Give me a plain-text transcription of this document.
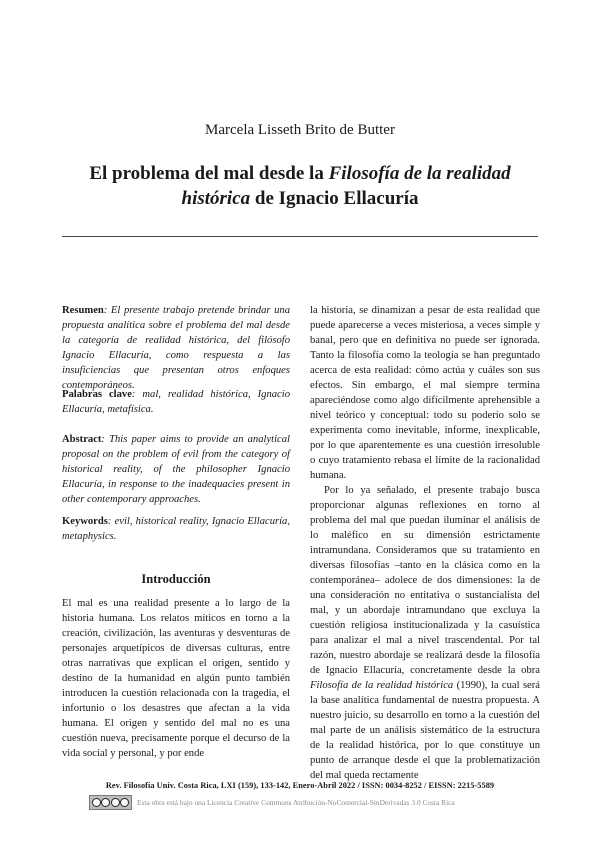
Marcela Lisseth Brito de Butter
El problema del mal desde la Filosofía de la realidad
histórica de Ignacio Ellacuría

Resumen: El presente trabajo pretende brindar una propuesta analítica sobre el problema del mal desde la categoría de realidad histórica, del filósofo Ignacio Ellacuría, como respuesta a las insuficiencias que presentan otros enfoques contemporáneos.

Palabras clave: mal, realidad histórica, Ignacio Ellacuría, metafísica.

Abstract: This paper aims to provide an analytical proposal on the problem of evil from the category of historical reality, of the philosopher Ignacio Ellacuría, in response to the inadequacies present in other contemporary approaches.

Keywords: evil, historical reality, Ignacio Ellacuría, metaphysics.

Introducción

El mal es una realidad presente a lo largo de la historia humana. Los relatos míticos en torno a la creación, civilización, las aventuras y desventuras de personajes arquetípicos de diversas culturas, entre otras narrativas que explican el origen, sentido y destino de la humanidad en algún punto también introducen la cuestión relacionada con la tragedia, el infortunio o los desastres que afectan a la vida humana. El origen y sentido del mal no es una cuestión nueva, precisamente porque el decurso de la vida social y personal, y por ende

la historia, se dinamizan a pesar de esta realidad que puede aparecerse a veces misteriosa, a veces simple y banal, pero que en definitiva no puede ser ignorada. Tanto la filosofía como la teología se han preguntado acerca de esta realidad: cómo actúa y cuáles son sus efectos. Sin embargo, el mal siempre termina apareciéndose como algo difícilmente aprehensible a nivel teórico y conceptual: todo su poderío solo se experimenta como inevitable, informe, inexplicable, por lo que aparentemente es una cuestión irresoluble o cuyo tratamiento rebasa el límite de la racionalidad humana.

Por lo ya señalado, el presente trabajo busca proporcionar algunas reflexiones en torno al problema del mal que puedan iluminar el análisis de lo maléfico en su dimensión estrictamente intramundana. Consideramos que su tratamiento en diversas filosofías –tanto en la clásica como en la contemporánea– adolece de dos dimensiones: la de una consideración no entitativa o sustancialista del mal, y un abordaje intramundano que excluya la cuestión religiosa institucionalizada y la casuística para analizar el mal a nivel trascendental. Por tal razón, nuestro abordaje se realizará desde la filosofía de Ignacio Ellacuría, concretamente desde la obra Filosofía de la realidad histórica (1990), la cual será la base analítica fundamental de nuestra propuesta. A nuestro juicio, su desarrollo en torno a la cuestión del mal parte de un análisis sistemático de la estructura de la realidad histórica, por lo que constituye un punto de arranque desde el que la problematización del mal queda rectamente

Rev. Filosofía Univ. Costa Rica, LXI (159), 133-142, Enero-Abril 2022 / ISSN: 0034-8252 / EISSN: 2215-5589
Esta obra está bajo una Licencia Creative Commons Atribución-NoComercial-SinDerivadas 3.0 Costa Rica
